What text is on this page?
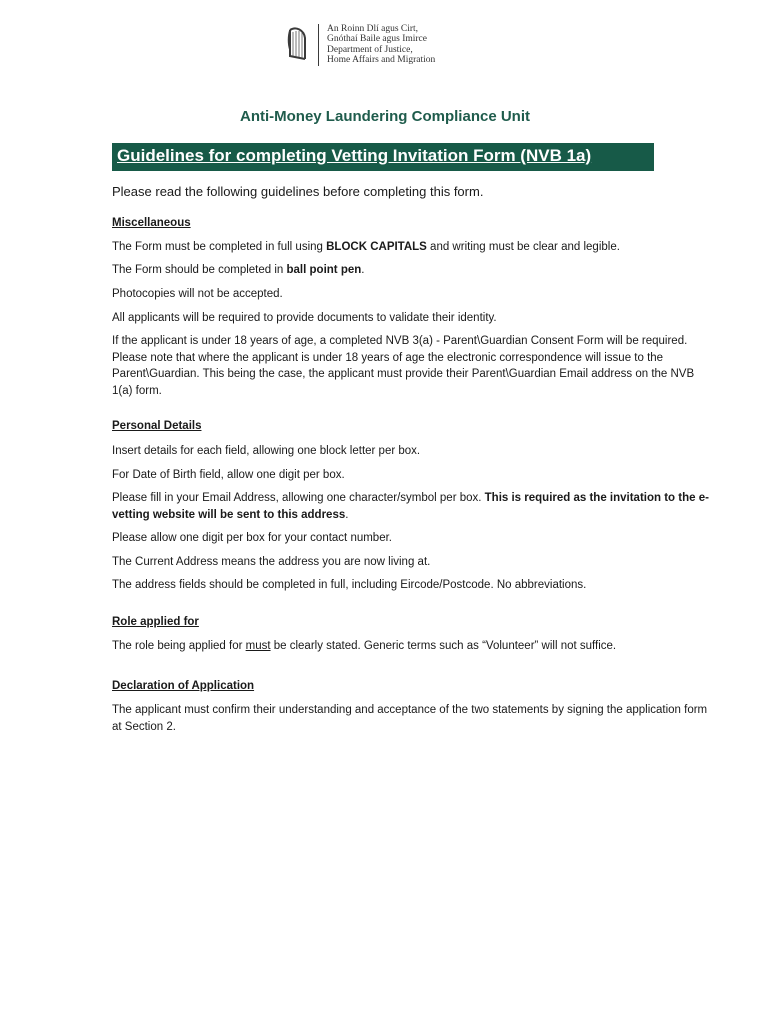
An Roinn Dlí agus Cirt,
Gnóthaí Baile agus Imirce
Department of Justice,
Home Affairs and Migration
Anti-Money Laundering Compliance Unit
Guidelines for completing Vetting Invitation Form (NVB 1a)
Please read the following guidelines before completing this form.
Miscellaneous
The Form must be completed in full using BLOCK CAPITALS and writing must be clear and legible.
The Form should be completed in ball point pen.
Photocopies will not be accepted.
All applicants will be required to provide documents to validate their identity.
If the applicant is under 18 years of age, a completed NVB 3(a) - Parent\Guardian Consent Form will be required. Please note that where the applicant is under 18 years of age the electronic correspondence will issue to the Parent\Guardian. This being the case, the applicant must provide their Parent\Guardian Email address on the NVB 1(a) form.
Personal Details
Insert details for each field, allowing one block letter per box.
For Date of Birth field, allow one digit per box.
Please fill in your Email Address, allowing one character/symbol per box. This is required as the invitation to the e-vetting website will be sent to this address.
Please allow one digit per box for your contact number.
The Current Address means the address you are now living at.
The address fields should be completed in full, including Eircode/Postcode. No abbreviations.
Role applied for
The role being applied for must be clearly stated. Generic terms such as “Volunteer” will not suffice.
Declaration of Application
The applicant must confirm their understanding and acceptance of the two statements by signing the application form at Section 2.
